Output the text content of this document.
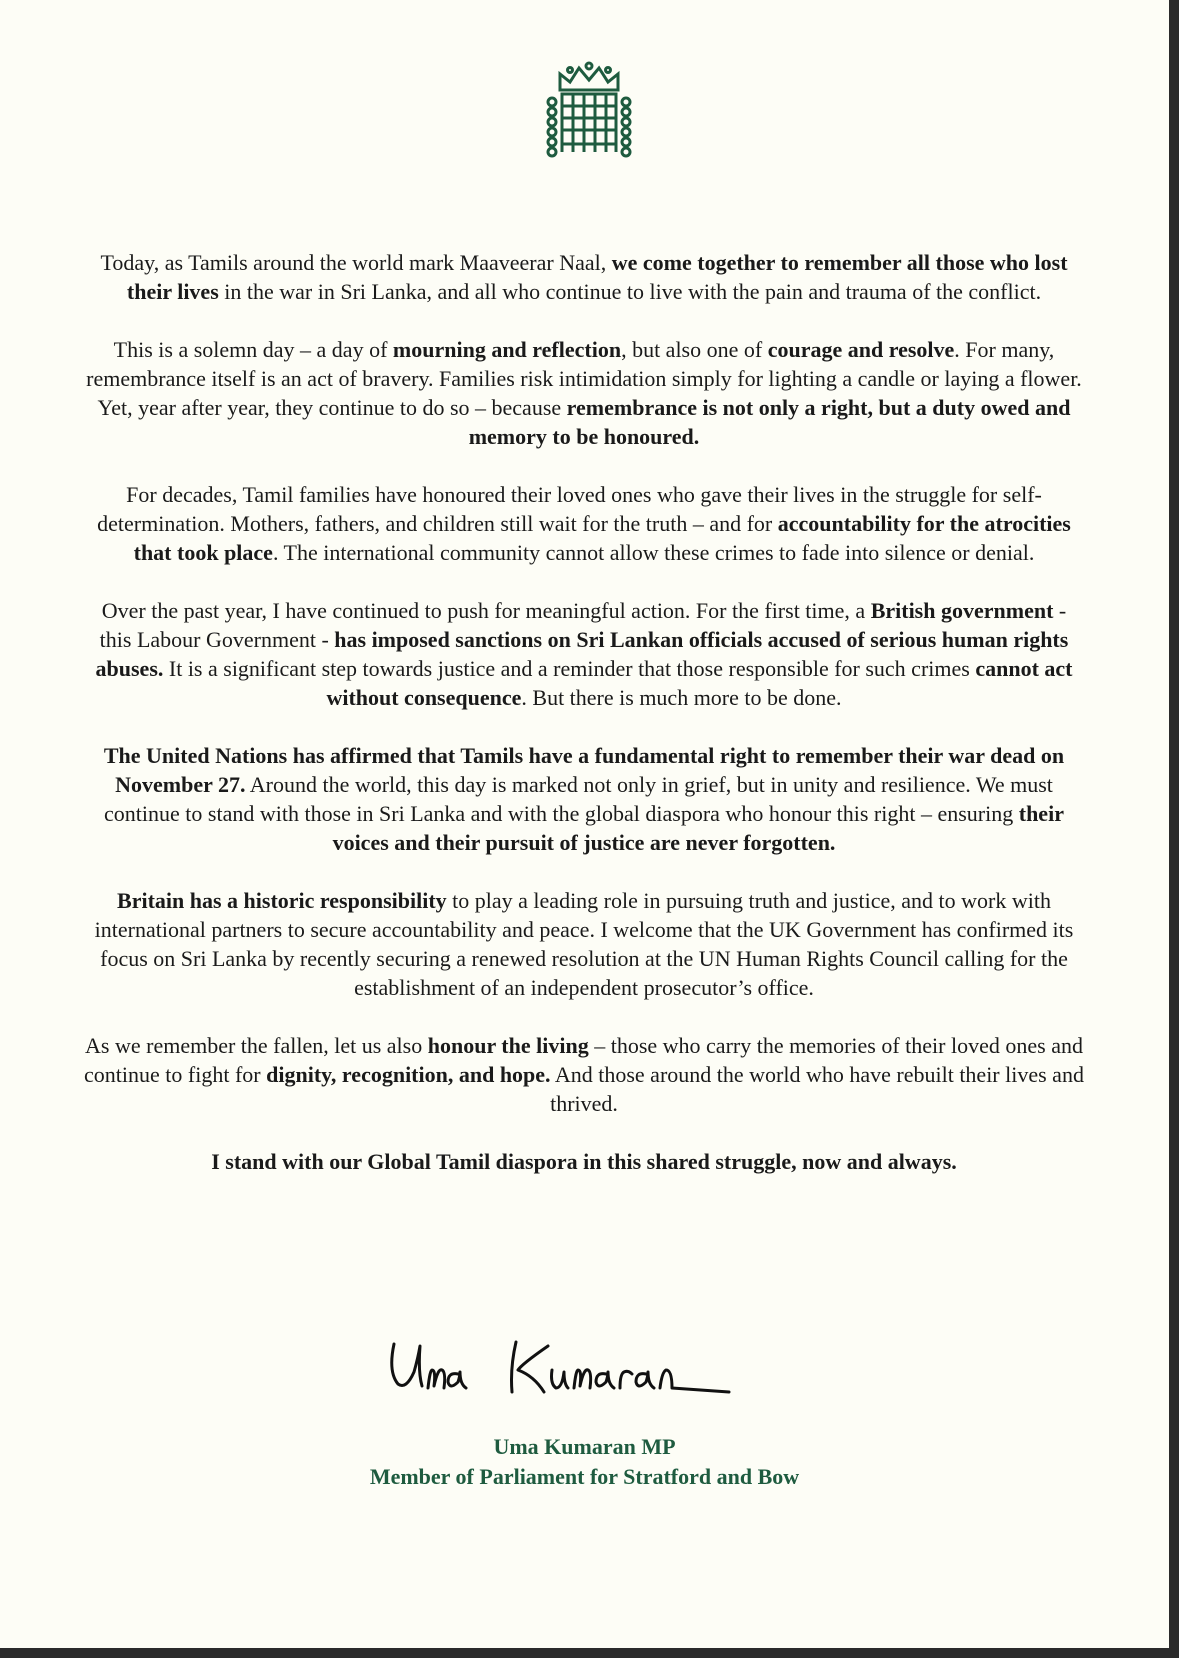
Today, as Tamils around the world mark Maaveerar Naal, we come together to remember all those who lost their lives in the war in Sri Lanka, and all who continue to live with the pain and trauma of the conflict.

This is a solemn day – a day of mourning and reflection, but also one of courage and resolve. For many, remembrance itself is an act of bravery. Families risk intimidation simply for lighting a candle or laying a flower. Yet, year after year, they continue to do so – because remembrance is not only a right, but a duty owed and memory to be honoured.

For decades, Tamil families have honoured their loved ones who gave their lives in the struggle for self-determination. Mothers, fathers, and children still wait for the truth – and for accountability for the atrocities that took place. The international community cannot allow these crimes to fade into silence or denial.

Over the past year, I have continued to push for meaningful action. For the first time, a British government - this Labour Government - has imposed sanctions on Sri Lankan officials accused of serious human rights abuses. It is a significant step towards justice and a reminder that those responsible for such crimes cannot act without consequence. But there is much more to be done.

The United Nations has affirmed that Tamils have a fundamental right to remember their war dead on November 27. Around the world, this day is marked not only in grief, but in unity and resilience. We must continue to stand with those in Sri Lanka and with the global diaspora who honour this right – ensuring their voices and their pursuit of justice are never forgotten.

Britain has a historic responsibility to play a leading role in pursuing truth and justice, and to work with international partners to secure accountability and peace. I welcome that the UK Government has confirmed its focus on Sri Lanka by recently securing a renewed resolution at the UN Human Rights Council calling for the establishment of an independent prosecutor’s office.

As we remember the fallen, let us also honour the living – those who carry the memories of their loved ones and continue to fight for dignity, recognition, and hope. And those around the world who have rebuilt their lives and thrived.

I stand with our Global Tamil diaspora in this shared struggle, now and always.

Uma Kumaran MP
Member of Parliament for Stratford and Bow
